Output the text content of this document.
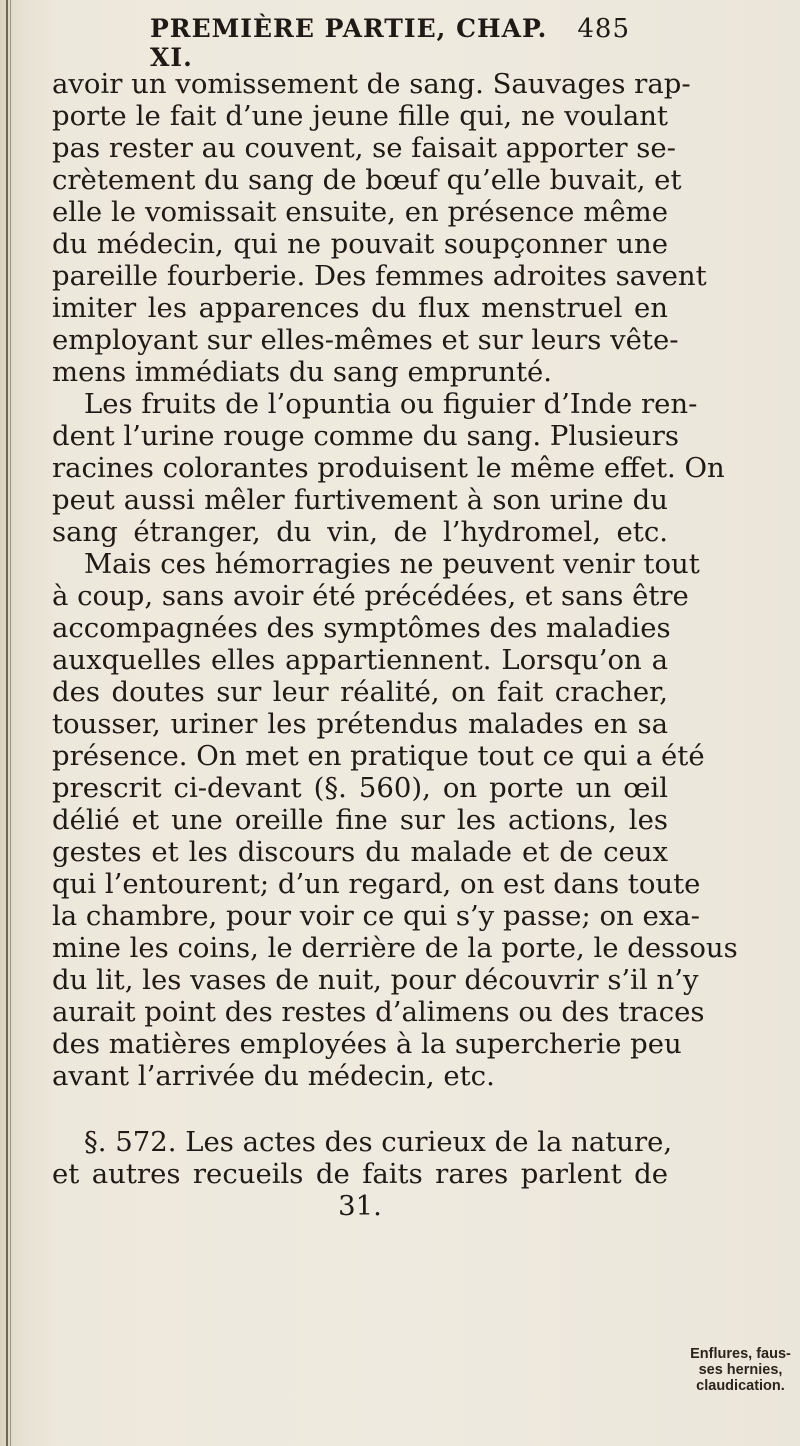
PREMIÈRE PARTIE, CHAP. XI.
485
avoir un vomissement de sang. Sauvages rap-
porte le fait d’une jeune fille qui, ne voulant
pas rester au couvent, se faisait apporter se-
crètement du sang de bœuf qu’elle buvait, et
elle le vomissait ensuite, en présence même
du médecin, qui ne pouvait soupçonner une
pareille fourberie. Des femmes adroites savent
imiter les apparences du flux menstruel en
employant sur elles-mêmes et sur leurs vête-
mens immédiats du sang emprunté.
Les fruits de l’opuntia ou figuier d’Inde ren-
dent l’urine rouge comme du sang. Plusieurs
racines colorantes produisent le même effet. On
peut aussi mêler furtivement à son urine du
sang étranger, du vin, de l’hydromel, etc.
Mais ces hémorragies ne peuvent venir tout
à coup, sans avoir été précédées, et sans être
accompagnées des symptômes des maladies
auxquelles elles appartiennent. Lorsqu’on a
des doutes sur leur réalité, on fait cracher,
tousser, uriner les prétendus malades en sa
présence. On met en pratique tout ce qui a été
prescrit ci-devant (§. 560), on porte un œil
délié et une oreille fine sur les actions, les
gestes et les discours du malade et de ceux
qui l’entourent; d’un regard, on est dans toute
la chambre, pour voir ce qui s’y passe; on exa-
mine les coins, le derrière de la porte, le dessous
du lit, les vases de nuit, pour découvrir s’il n’y
aurait point des restes d’alimens ou des traces
des matières employées à la supercherie peu
avant l’arrivée du médecin, etc.
§. 572. Les actes des curieux de la nature,
et autres recueils de faits rares parlent de
31.
Enflures, faus-
ses hernies,
claudication.
